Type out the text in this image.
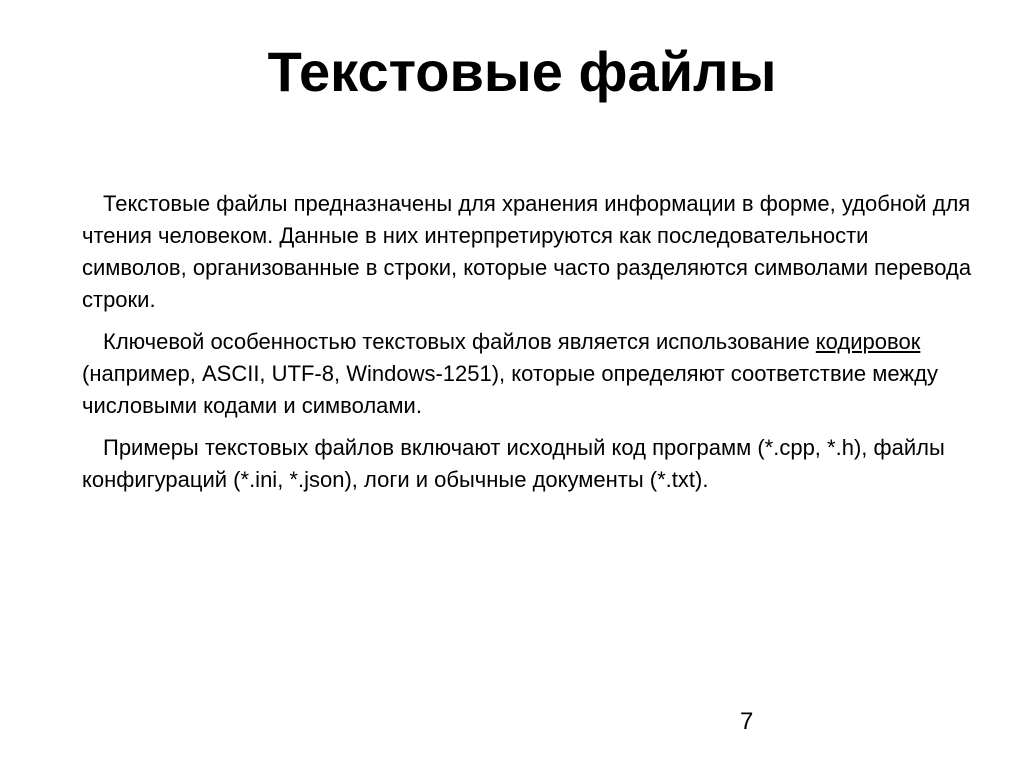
Текстовые файлы

Текстовые файлы предназначены для хранения информации в форме, удобной для чтения человеком. Данные в них интерпретируются как последовательности символов, организованные в строки, которые часто разделяются символами перевода строки.

Ключевой особенностью текстовых файлов является использование кодировок (например, ASCII, UTF-8, Windows-1251), которые определяют соответствие между числовыми кодами и символами.

Примеры текстовых файлов включают исходный код программ (*.cpp, *.h), файлы конфигураций (*.ini, *.json), логи и обычные документы (*.txt).

7
